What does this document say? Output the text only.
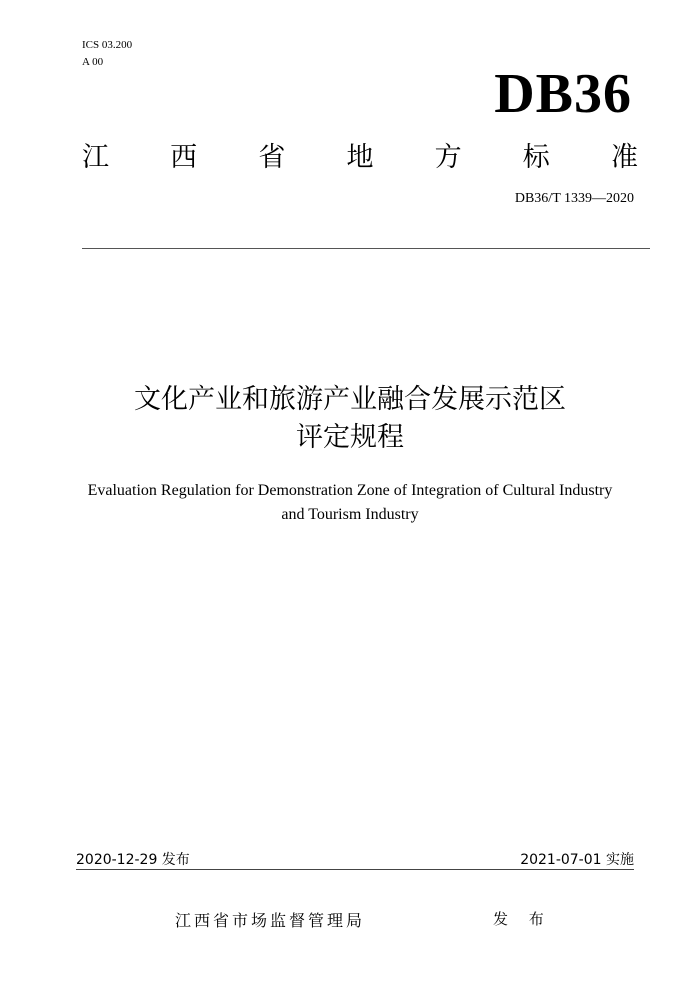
ICS 03.200
A 00
DB36
江 西 省 地 方 标 准
DB36/T 1339—2020
文化产业和旅游产业融合发展示范区
评定规程
Evaluation Regulation for Demonstration Zone of Integration of Cultural Industry
and Tourism Industry
2020-12-29 发布	2021-07-01 实施
江西省市场监督管理局	发 布
